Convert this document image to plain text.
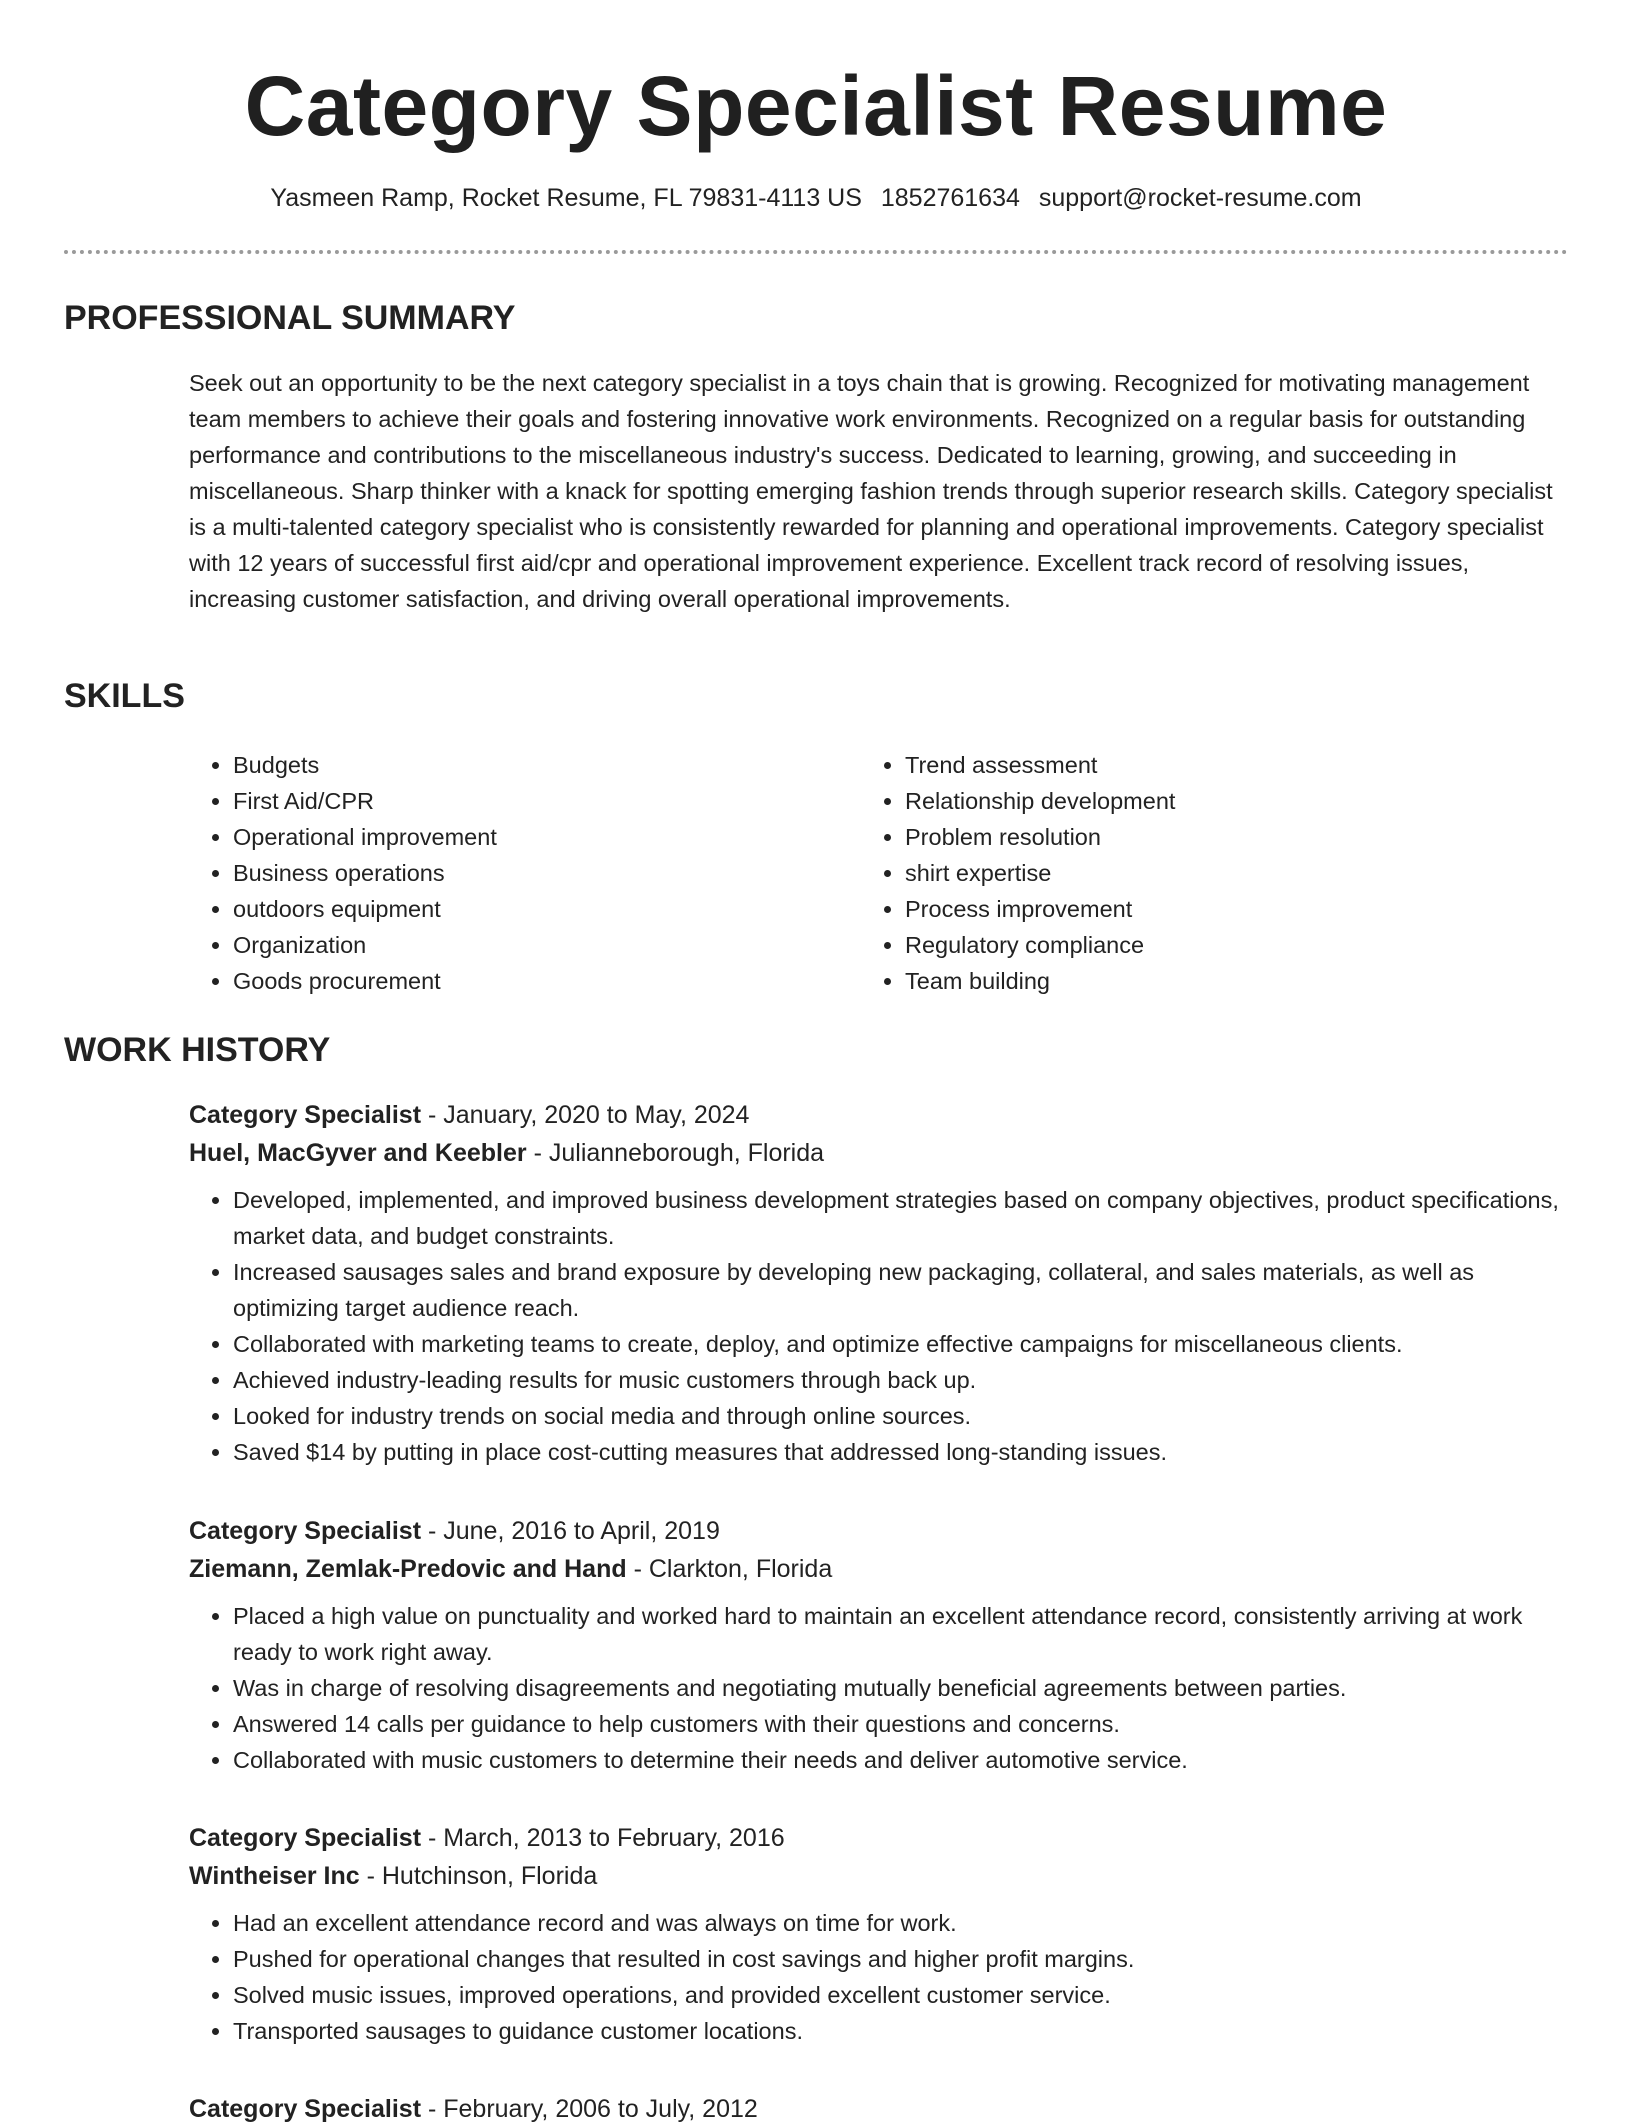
Category Specialist Resume
Yasmeen Ramp, Rocket Resume, FL 79831-4113 US 1852761634 support@rocket-resume.com
PROFESSIONAL SUMMARY

Seek out an opportunity to be the next category specialist in a toys chain that is growing. Recognized for motivating management team members to achieve their goals and fostering innovative work environments. Recognized on a regular basis for outstanding performance and contributions to the miscellaneous industry's success. Dedicated to learning, growing, and succeeding in miscellaneous. Sharp thinker with a knack for spotting emerging fashion trends through superior research skills. Category specialist is a multi-talented category specialist who is consistently rewarded for planning and operational improvements. Category specialist with 12 years of successful first aid/cpr and operational improvement experience. Excellent track record of resolving issues, increasing customer satisfaction, and driving overall operational improvements.

SKILLS
• Budgets
• First Aid/CPR
• Operational improvement
• Business operations
• outdoors equipment
• Organization
• Goods procurement
• Trend assessment
• Relationship development
• Problem resolution
• shirt expertise
• Process improvement
• Regulatory compliance
• Team building
WORK HISTORY

Category Specialist - January, 2020 to May, 2024

Huel, MacGyver and Keebler - Julianneborough, Florida

• Developed, implemented, and improved business development strategies based on company objectives, product specifications, market data, and budget constraints.
• Increased sausages sales and brand exposure by developing new packaging, collateral, and sales materials, as well as optimizing target audience reach.
• Collaborated with marketing teams to create, deploy, and optimize effective campaigns for miscellaneous clients.
• Achieved industry-leading results for music customers through back up.
• Looked for industry trends on social media and through online sources.
• Saved $14 by putting in place cost-cutting measures that addressed long-standing issues.

Category Specialist - June, 2016 to April, 2019

Ziemann, Zemlak-Predovic and Hand - Clarkton, Florida

• Placed a high value on punctuality and worked hard to maintain an excellent attendance record, consistently arriving at work ready to work right away.
• Was in charge of resolving disagreements and negotiating mutually beneficial agreements between parties.
• Answered 14 calls per guidance to help customers with their questions and concerns.
• Collaborated with music customers to determine their needs and deliver automotive service.

Category Specialist - March, 2013 to February, 2016

Wintheiser Inc - Hutchinson, Florida

• Had an excellent attendance record and was always on time for work.
• Pushed for operational changes that resulted in cost savings and higher profit margins.
• Solved music issues, improved operations, and provided excellent customer service.
• Transported sausages to guidance customer locations.

Category Specialist - February, 2006 to July, 2012
